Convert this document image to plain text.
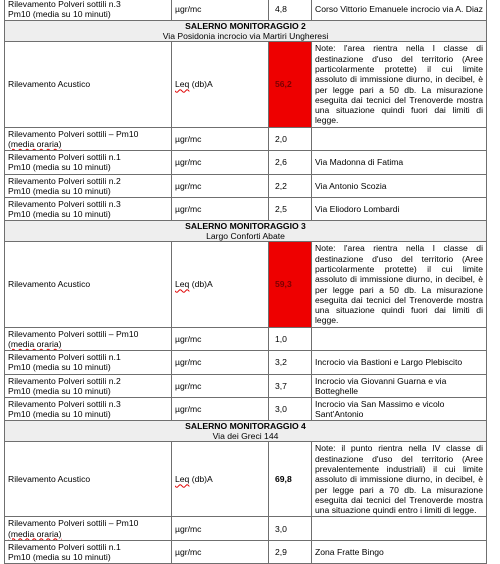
Rilevamento Polveri sottili n.3
Pm10 (media su 10 minuti)	µgr/mc	4,8	Corso Vittorio Emanuele incrocio via A. Diaz

SALERNO MONITORAGGIO 2
Via Posidonia incrocio via Martiri Ungheresi			

Rilevamento Acustico	Leq (db)A	56,2	Note: l'area rientra nella I classe di destinazione d'uso del territorio (Aree particolarmente protette) il cui limite assoluto di immissione diurno, in decibel, è per legge pari a 50 db. La misurazione eseguita dai tecnici del Trenoverde mostra una situazione quindi fuori dai limiti di legge.
Rilevamento Polveri sottili – Pm10
(media oraria)	µgr/mc	2,0	
Rilevamento Polveri sottili n.1
Pm10 (media su 10 minuti)	µgr/mc	2,6	Via Madonna di Fatima
Rilevamento Polveri sottili n.2
Pm10 (media su 10 minuti)	µgr/mc	2,2	Via Antonio Scozia
Rilevamento Polveri sottili n.3
Pm10 (media su 10 minuti)	µgr/mc	2,5	Via Eliodoro Lombardi

SALERNO MONITORAGGIO 3
Largo Conforti Abate			

Rilevamento Acustico	Leq (db)A	59,3	Note: l'area rientra nella I classe di destinazione d'uso del territorio (Aree particolarmente protette) il cui limite assoluto di immissione diurno, in decibel, è per legge pari a 50 db. La misurazione eseguita dai tecnici del Trenoverde mostra una situazione quindi fuori dai limiti di legge.
Rilevamento Polveri sottili – Pm10
(media oraria)	µgr/mc	1,0	
Rilevamento Polveri sottili n.1
Pm10 (media su 10 minuti)	µgr/mc	3,2	Incrocio via Bastioni e Largo Plebiscito
Rilevamento Polveri sottili n.2
Pm10 (media su 10 minuti)	µgr/mc	3,7	Incrocio via Giovanni Guarna e via Botteghelle
Rilevamento Polveri sottili n.3
Pm10 (media su 10 minuti)	µgr/mc	3,0	Incrocio via San Massimo e vicolo Sant'Antonio

SALERNO MONITORAGGIO 4
Via dei Greci 144			

Rilevamento Acustico	Leq (db)A	69,8	Note: il punto rientra nella IV classe di destinazione d'uso del territorio (Aree prevalentemente industriali) il cui limite assoluto di immissione diurno, in decibel, è per legge pari a 70 db. La misurazione eseguita dai tecnici del Trenoverde mostra una situazione quindi entro i limiti di legge.
Rilevamento Polveri sottili – Pm10
(media oraria)	µgr/mc	3,0	
Rilevamento Polveri sottili n.1
Pm10 (media su 10 minuti)	µgr/mc	2,9	Zona Fratte Bingo
